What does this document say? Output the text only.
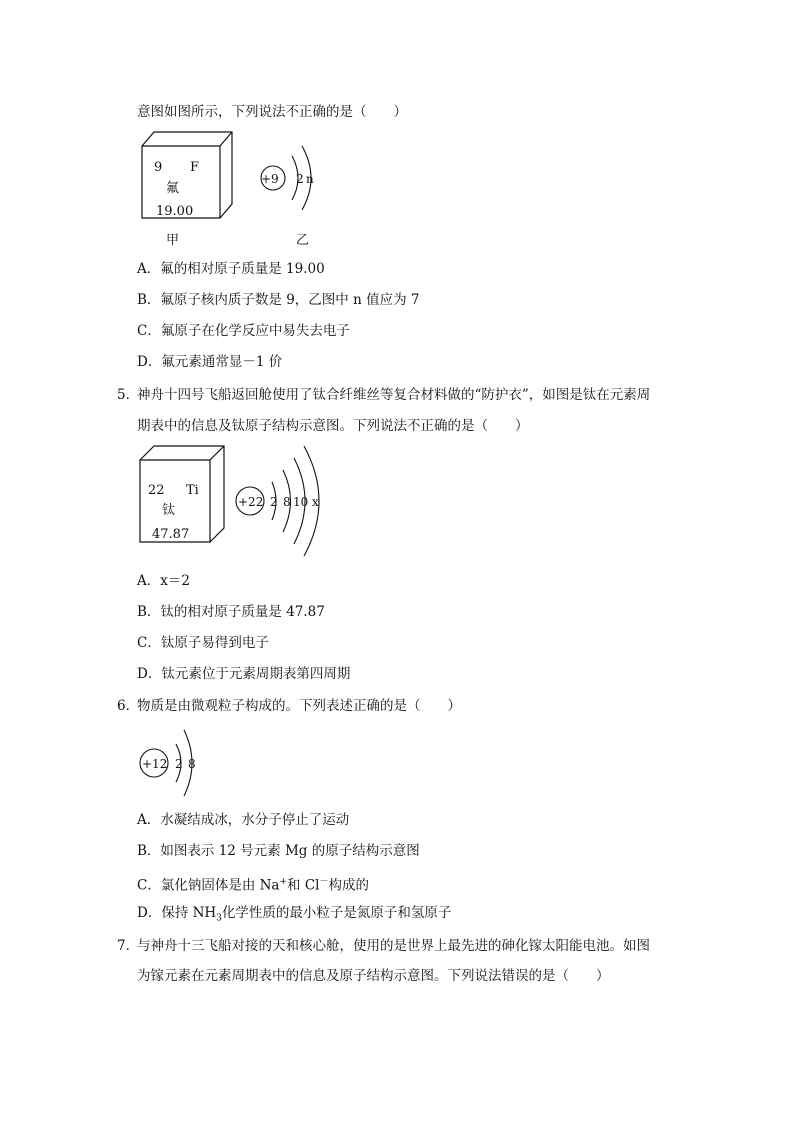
意图如图所示，下列说法不正确的是（　　）
9 F
氟
19.00
+9 2 n
甲	乙
A．氟的相对原子质量是 19.00
B．氟原子核内质子数是 9，乙图中 n 值应为 7
C．氟原子在化学反应中易失去电子
D．氟元素通常显－1 价
5．
神舟十四号飞船返回舱使用了钛合纤维丝等复合材料做的“防护衣”，如图是钛在元素周
期表中的信息及钛原子结构示意图。下列说法不正确的是（　　）
22 Ti
钛
47.87
+22 2 8 10 x
A．x＝2
B．钛的相对原子质量是 47.87
C．钛原子易得到电子
D．钛元素位于元素周期表第四周期
6．
物质是由微观粒子构成的。下列表述正确的是（　　）
+12 2 8
A．水凝结成冰，水分子停止了运动
B．如图表示 12 号元素 Mg 的原子结构示意图
C．氯化钠固体是由 Na+和 Cl－构成的
D．保持 $NH_3$化学性质的最小粒子是氮原子和氢原子
7．
与神舟十三飞船对接的天和核心舱，使用的是世界上最先进的砷化镓太阳能电池。如图
为镓元素在元素周期表中的信息及原子结构示意图。下列说法错误的是（　　）
